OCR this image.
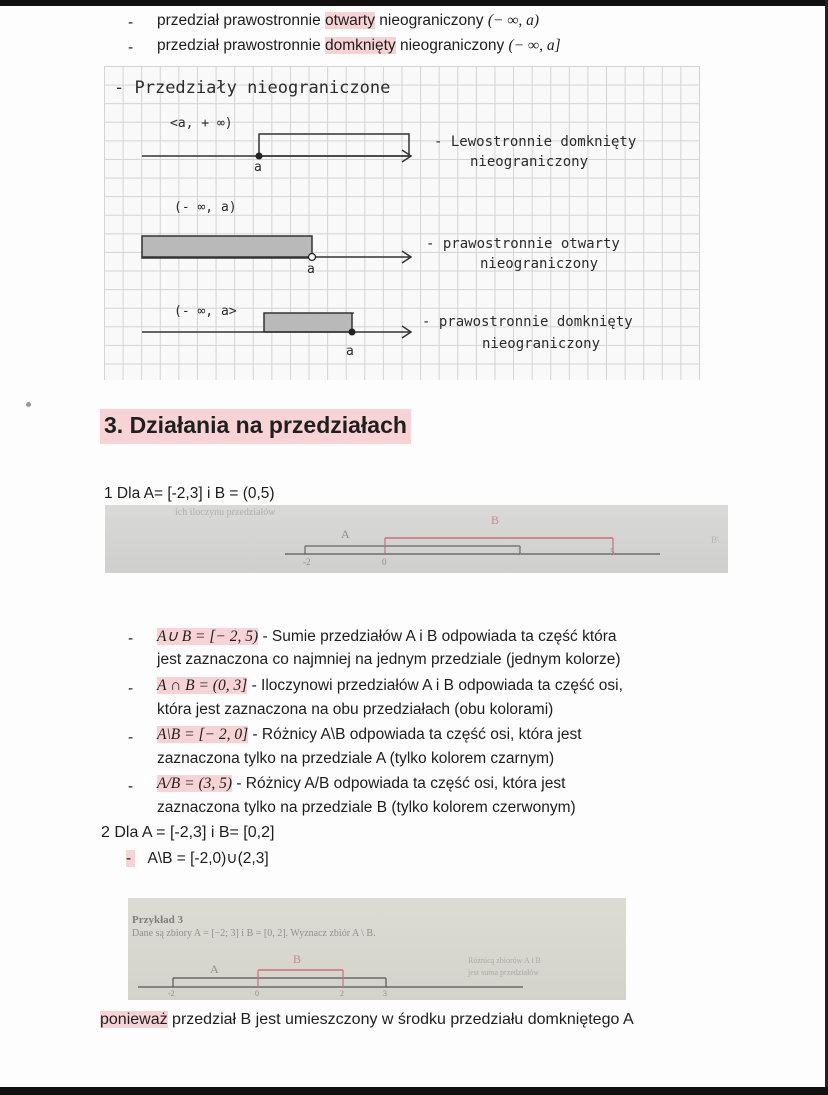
- przedział prawostronnie otwarty nieograniczony (− ∞, a)
- przedział prawostronnie domknięty nieograniczony (− ∞, a]
- Przedziały nieograniczone
<a, + ∞)
a
- Lewostronnie domknięty
nieograniczony
(- ∞, a)
a
- prawostronnie otwarty
nieograniczony
(- ∞, a>
a
- prawostronnie domknięty
nieograniczony
3. Działania na przedziałach
1 Dla A= [-2,3] i B = (0,5)
ich iloczynu przedziałów
A
B
-2	0
3	5
B\
- A∪ B = [− 2, 5) - Sumie przedziałów A i B odpowiada ta część która
jest zaznaczona co najmniej na jednym przedziale (jednym kolorze)
- A ∩ B = (0, 3] - Iloczynowi przedziałów A i B odpowiada ta część osi,
która jest zaznaczona na obu przedziałach (obu kolorami)
- A\B = [− 2, 0] - Różnicy A\B odpowiada ta część osi, która jest
zaznaczona tylko na przedziale A (tylko kolorem czarnym)
- A/B = (3, 5) - Różnicy A/B odpowiada ta część osi, która jest
zaznaczona tylko na przedziale B (tylko kolorem czerwonym)
2 Dla A = [-2,3] i B= [0,2]
- A\B = [-2,0)∪(2,3]
Przykład 3
Dane są zbiory A = [−2; 3] i B = [0, 2]. Wyznacz zbiór A \ B.
A
B	Różnicą zbiorów A i B
jest suma przedziałów
-2	0	2	3
ponieważ przedział B jest umieszczony w środku przedziału domkniętego A
